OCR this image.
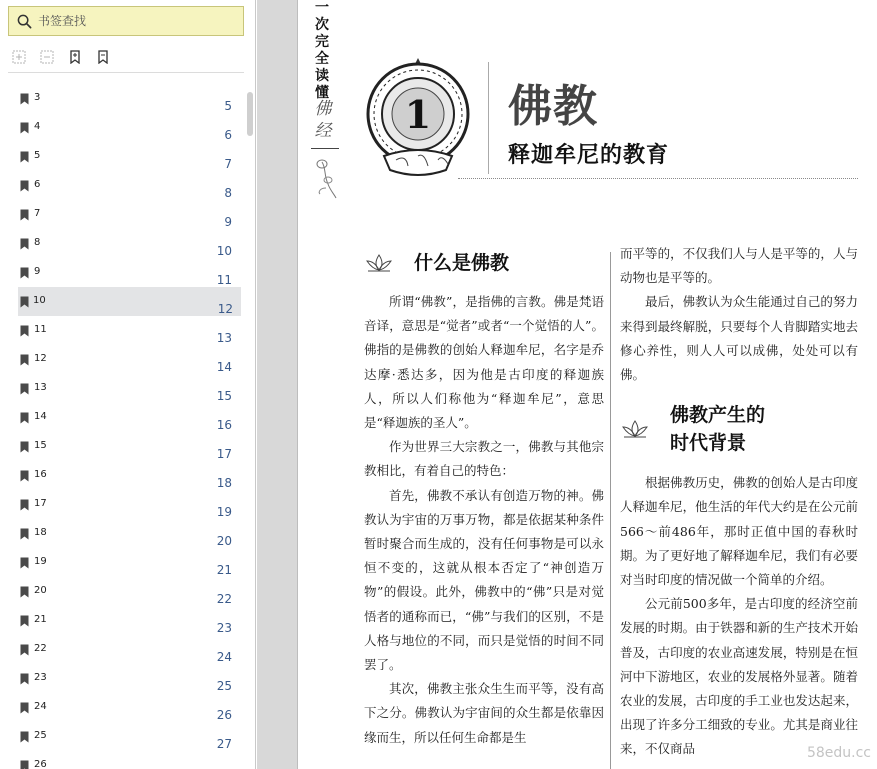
书签查找
3
5
4
6
5
7
6
8
7
9
8
10
9
11
10
12
11
13
12
14
13
15
14
16
15
17
16
18
17
19
18
20
19
21
20
22
21
23
22
24
23
25
24
26
25
27
26
一次完全读懂
佛经 1 佛教
释迦牟尼的教育
什么是佛教

所谓“佛教”，是指佛的言教。佛是梵语音译，意思是“觉者”或者“一个觉悟的人”。佛指的是佛教的创始人释迦牟尼，名字是乔达摩·悉达多，因为他是古印度的释迦族人，所以人们称他为“释迦牟尼”，意思是“释迦族的圣人”。

作为世界三大宗教之一，佛教与其他宗教相比，有着自己的特色：

首先，佛教不承认有创造万物的神。佛教认为宇宙的万事万物，都是依据某种条件暂时聚合而生成的，没有任何事物是可以永恒不变的，这就从根本否定了“神创造万物”的假设。此外，佛教中的“佛”只是对觉悟者的通称而已，“佛”与我们的区别，不是人格与地位的不同，而只是觉悟的时间不同罢了。

其次，佛教主张众生生而平等，没有高下之分。佛教认为宇宙间的众生都是依靠因缘而生，所以任何生命都是生

而平等的，不仅我们人与人是平等的，人与动物也是平等的。

最后，佛教认为众生能通过自己的努力来得到最终解脱，只要每个人肯脚踏实地去修心养性，则人人可以成佛，处处可以有佛。

佛教产生的
时代背景

根据佛教历史，佛教的创始人是古印度人释迦牟尼，他生活的年代大约是在公元前566～前486年，那时正值中国的春秋时期。为了更好地了解释迦牟尼，我们有必要对当时印度的情况做一个简单的介绍。

公元前500多年，是古印度的经济空前发展的时期。由于铁器和新的生产技术开始普及，古印度的农业高速发展，特别是在恒河中下游地区，农业的发展格外显著。随着农业的发展，古印度的手工业也发达起来，出现了许多分工细致的专业。尤其是商业往来，不仅商品	58edu.cc
